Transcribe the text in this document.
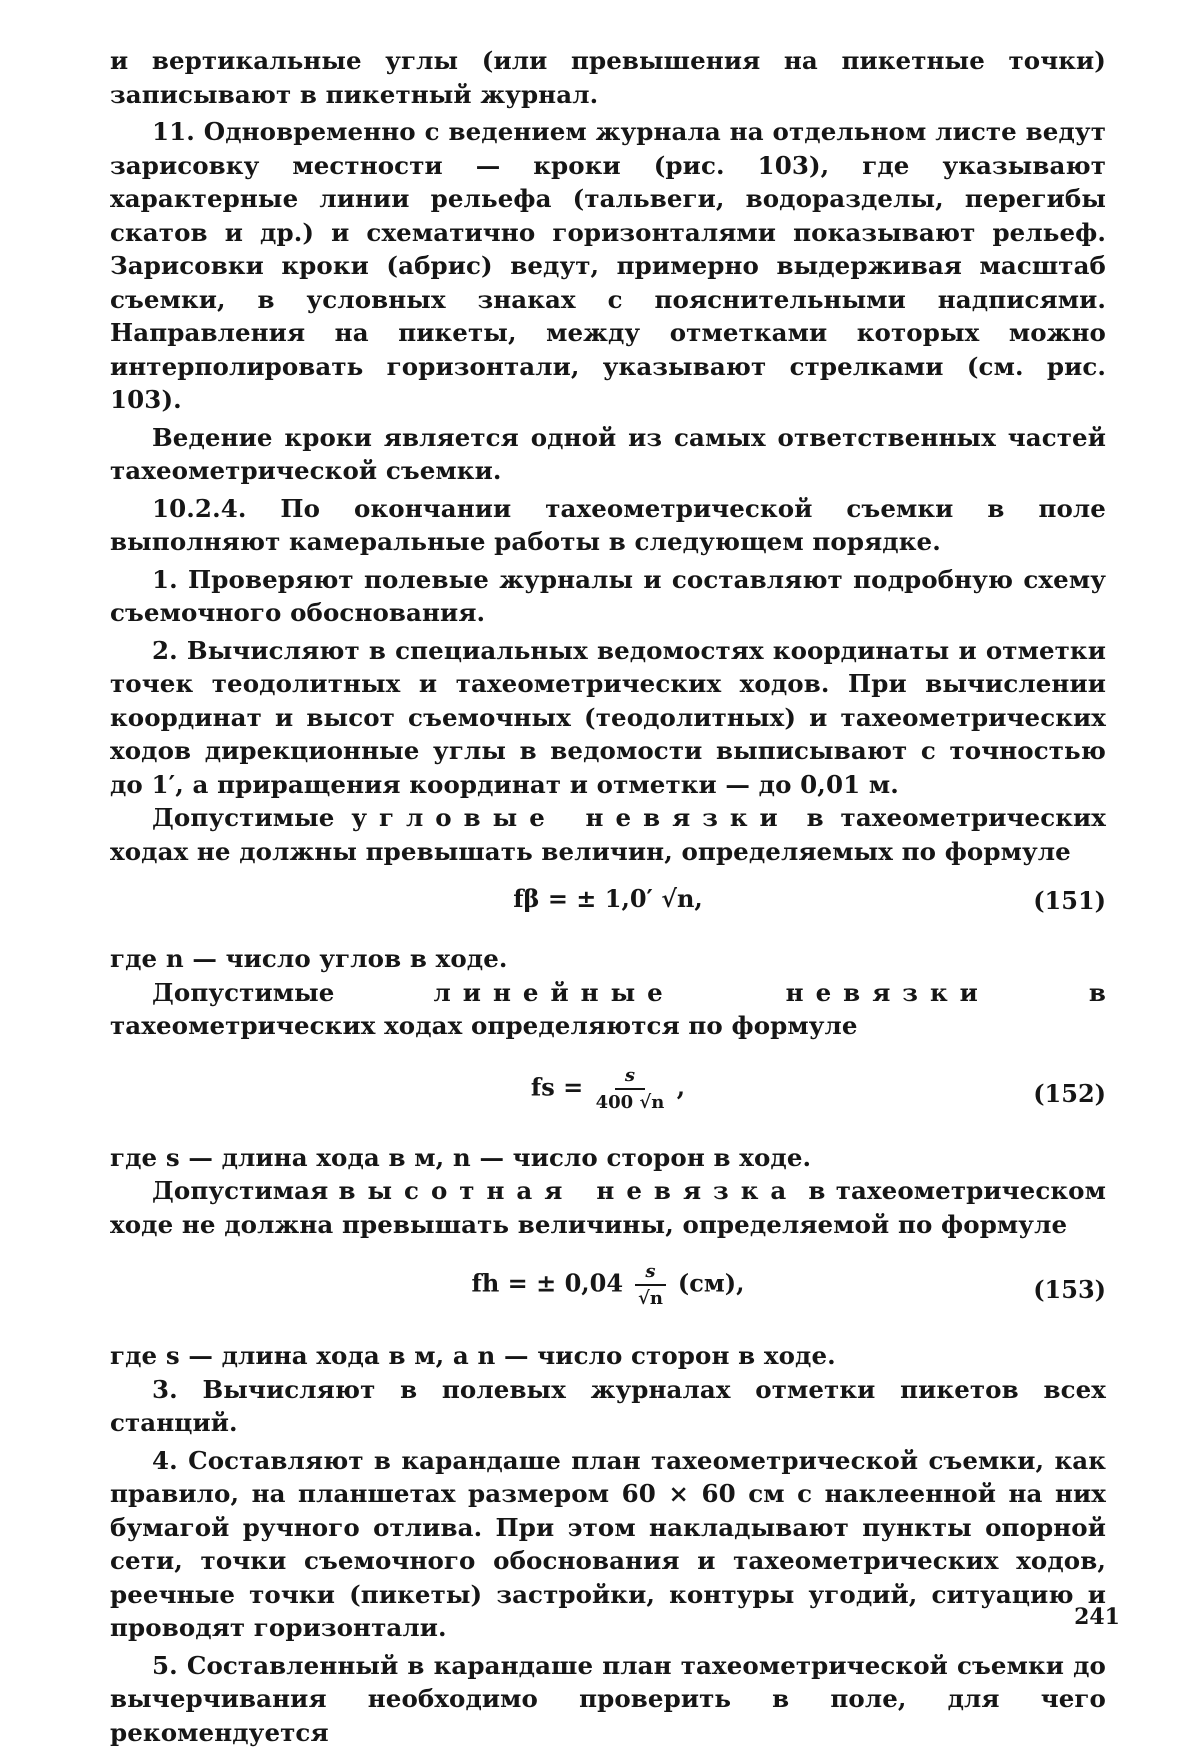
и вертикальные углы (или превышения на пикетные точки) записывают в пикетный журнал.

11. Одновременно с ведением журнала на отдельном листе ведут зарисовку местности — кроки (рис. 103), где указывают характерные линии рельефа (тальвеги, водоразделы, перегибы скатов и др.) и схематично горизонталями показывают рельеф. Зарисовки кроки (абрис) ведут, примерно выдерживая масштаб съемки, в условных знаках с пояснительными надписями. Направления на пикеты, между отметками которых можно интерполировать горизонтали, указывают стрелками (см. рис. 103).

Ведение кроки является одной из самых ответственных частей тахеометрической съемки.

10.2.4. По окончании тахеометрической съемки в поле выполняют камеральные работы в следующем порядке.

1. Проверяют полевые журналы и составляют подробную схему съемочного обоснования.

2. Вычисляют в специальных ведомостях координаты и отметки точек теодолитных и тахеометрических ходов. При вычислении координат и высот съемочных (теодолитных) и тахеометрических ходов дирекционные углы в ведомости выписывают с точностью до 1′, а приращения координат и отметки — до 0,01 м.

Допустимые угловые невязки в тахеометрических ходах не должны превышать величин, определяемых по формуле

fβ = ± 1,0′ √n,	(151)

где n — число углов в ходе.

Допустимые	линейные невязки	в тахеометрических ходах определяются по формуле

fs = $\frac{s}{400 √n}$ ,	(152)

где s — длина хода в м, n — число сторон в ходе.

Допустимая высотная невязка в тахеометрическом ходе не должна превышать величины, определяемой по формуле

fh = ± $0,04 \frac{s}{√n} (см)$,	(153)

где s — длина хода в м, а n — число сторон в ходе.

3. Вычисляют в полевых журналах отметки пикетов всех станций.

4. Составляют в карандаше план тахеометрической съемки, как правило, на планшетах размером 60 × 60 см с наклеенной на них бумагой ручного отлива. При этом накладывают пункты опорной сети, точки съемочного обоснования и тахеометрических ходов, реечные точки (пикеты) застройки, контуры угодий, ситуацию и проводят горизонтали.

5. Составленный в карандаше план тахеометрической съемки до вычерчивания необходимо проверить в поле, для чего рекомендуется

241
